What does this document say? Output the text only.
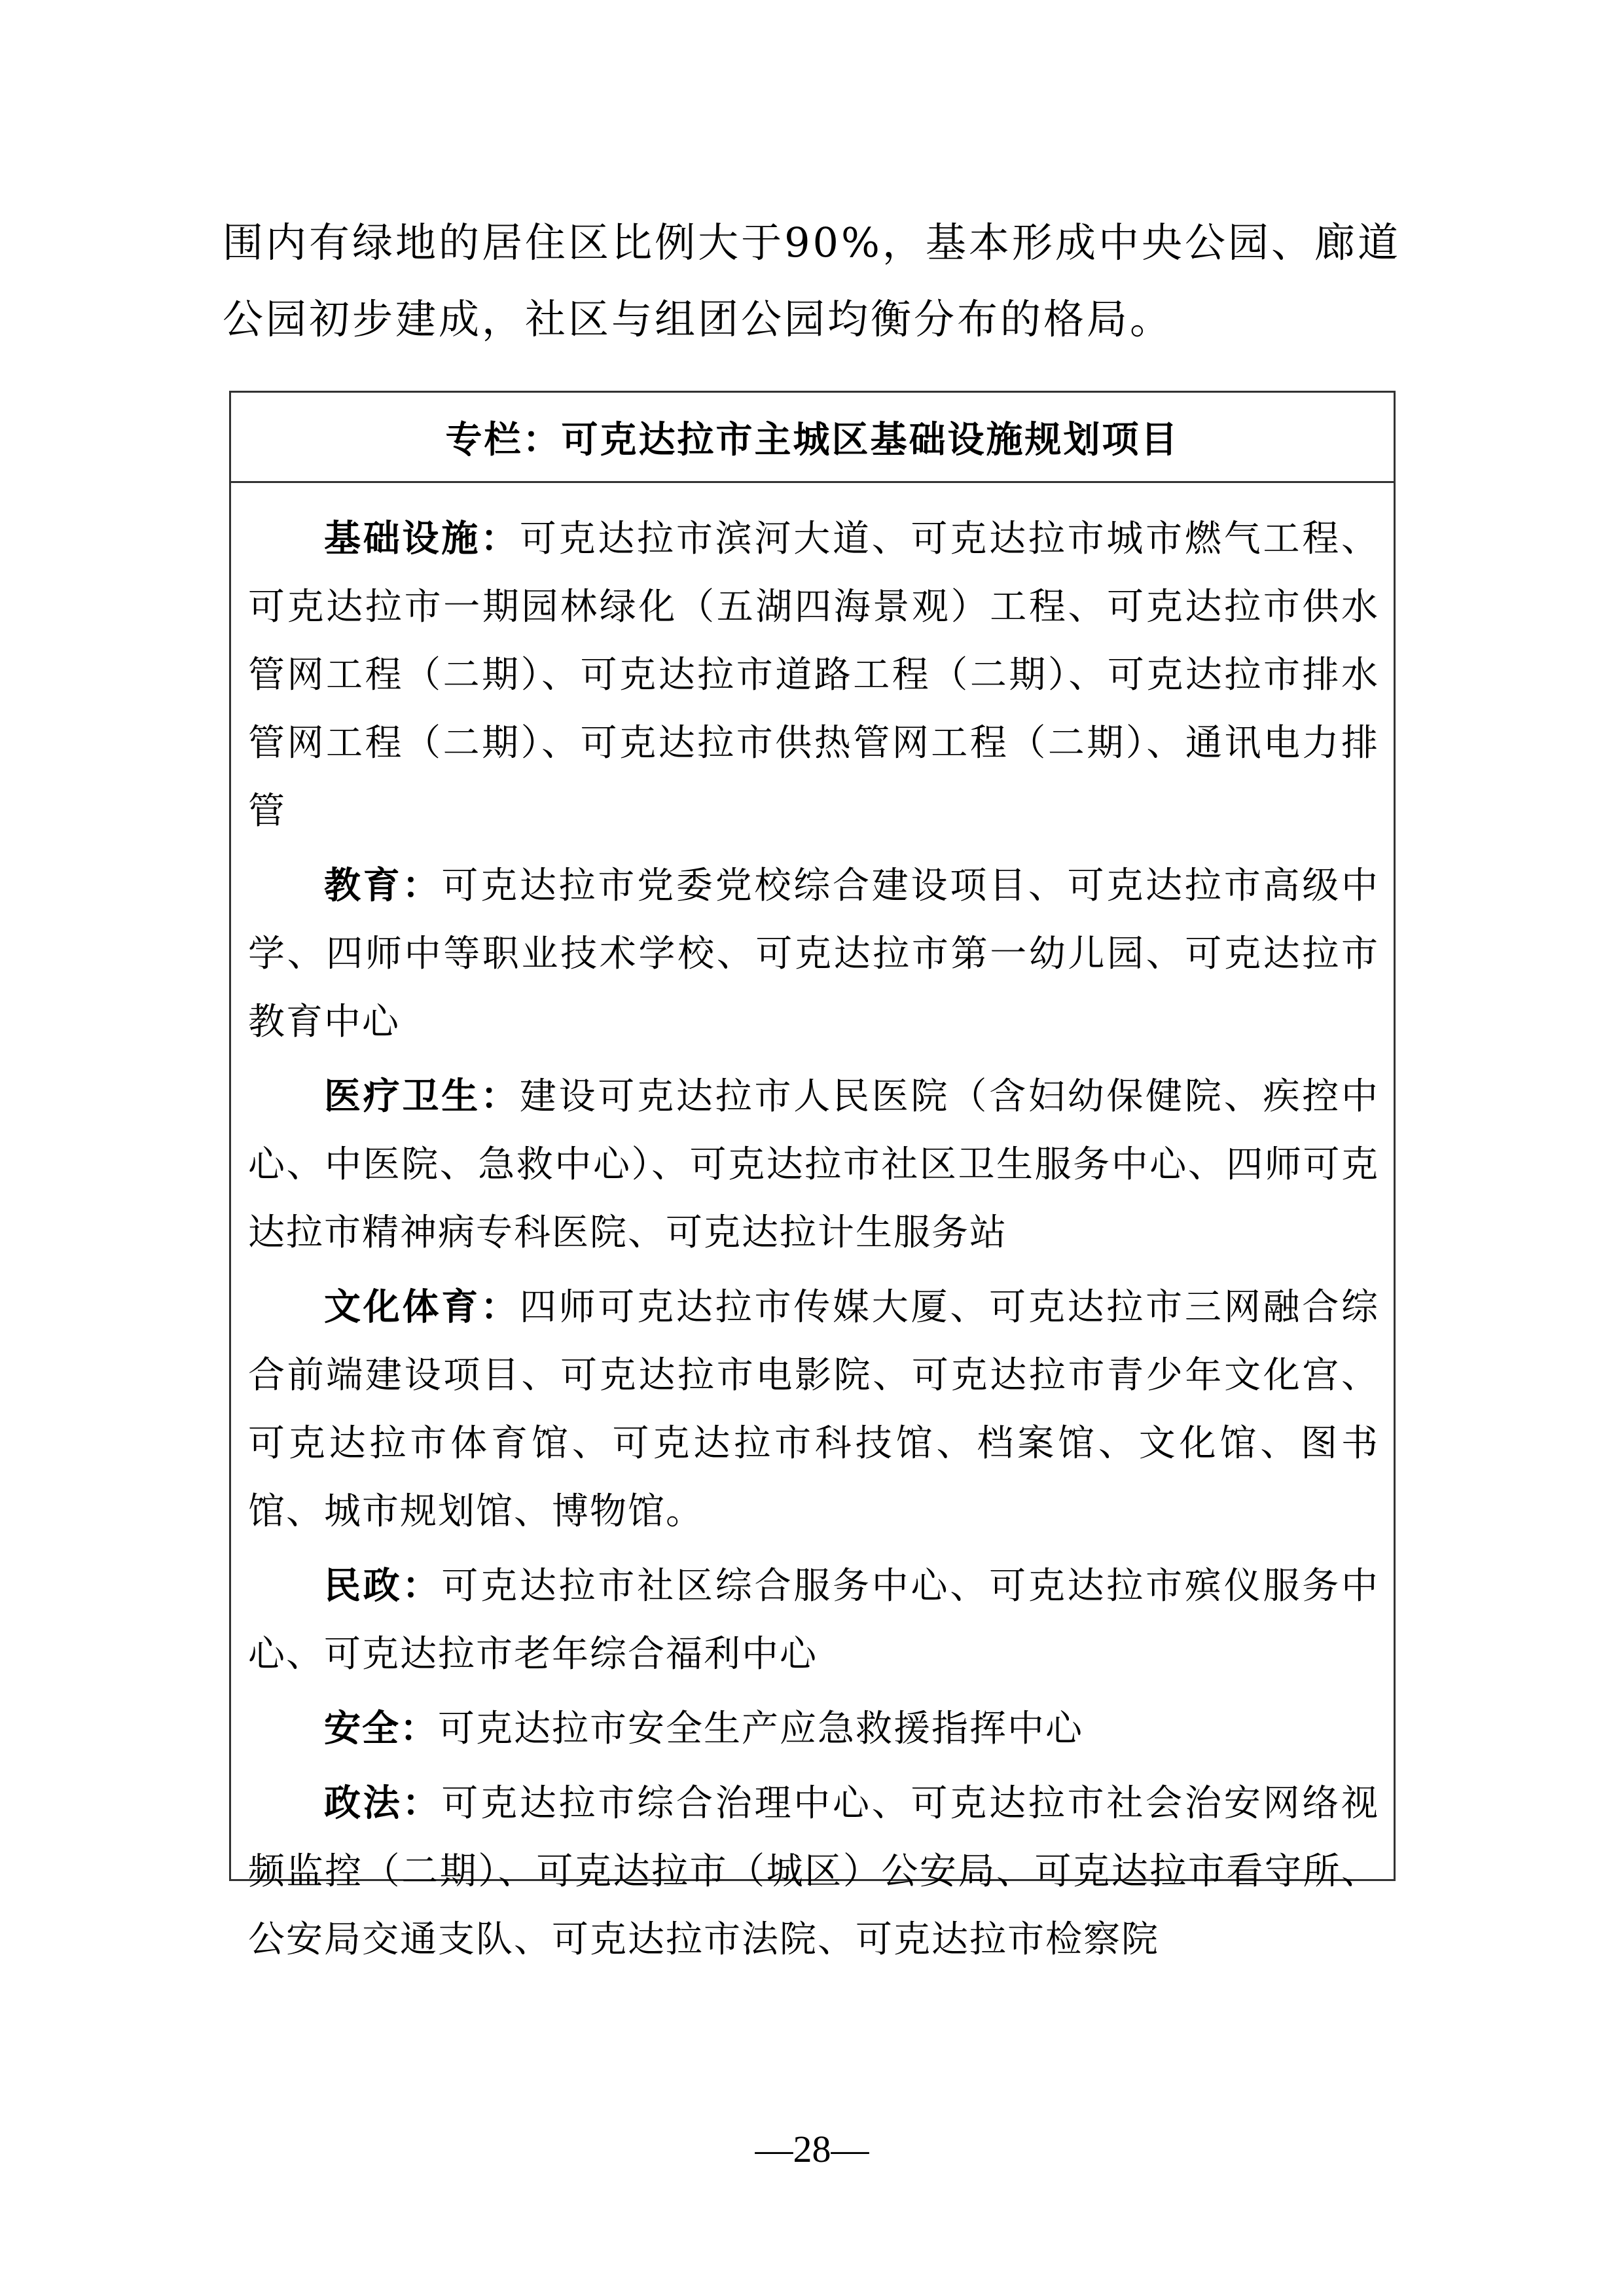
围内有绿地的居住区比例大于90%，基本形成中央公园、廊道公园初步建成，社区与组团公园均衡分布的格局。

专栏：可克达拉市主城区基础设施规划项目

基础设施：可克达拉市滨河大道、可克达拉市城市燃气工程、可克达拉市一期园林绿化（五湖四海景观）工程、可克达拉市供水管网工程（二期）、可克达拉市道路工程（二期）、可克达拉市排水管网工程（二期）、可克达拉市供热管网工程（二期）、通讯电力排管

教育：可克达拉市党委党校综合建设项目、可克达拉市高级中学、四师中等职业技术学校、可克达拉市第一幼儿园、可克达拉市教育中心

医疗卫生：建设可克达拉市人民医院（含妇幼保健院、疾控中心、中医院、急救中心）、可克达拉市社区卫生服务中心、四师可克达拉市精神病专科医院、可克达拉计生服务站

文化体育：四师可克达拉市传媒大厦、可克达拉市三网融合综合前端建设项目、可克达拉市电影院、可克达拉市青少年文化宫、可克达拉市体育馆、可克达拉市科技馆、档案馆、文化馆、图书馆、城市规划馆、博物馆。

民政：可克达拉市社区综合服务中心、可克达拉市殡仪服务中心、可克达拉市老年综合福利中心

安全：可克达拉市安全生产应急救援指挥中心

政法：可克达拉市综合治理中心、可克达拉市社会治安网络视频监控（二期）、可克达拉市（城区）公安局、可克达拉市看守所、公安局交通支队、可克达拉市法院、可克达拉市检察院

—28—
